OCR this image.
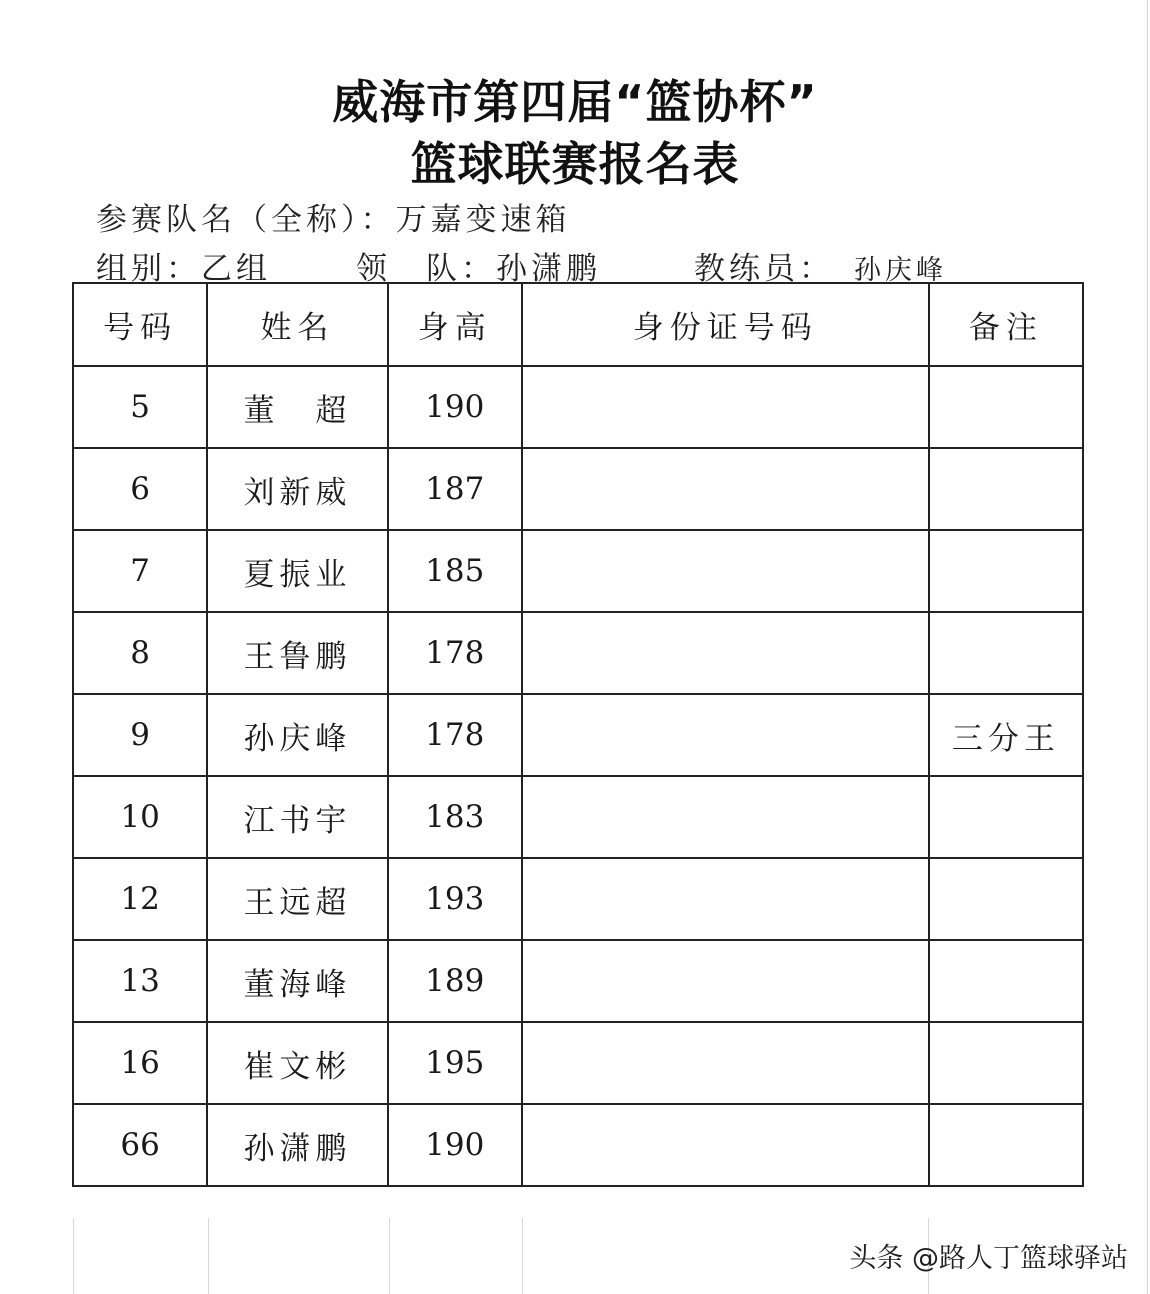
威海市第四届“篮协杯”
篮球联赛报名表
参赛队名（全称）：万嘉变速箱
组别：乙组	领　队：孙潇鹏	教练员： 孙庆峰
号码	姓名	身高	身份证号码	备注
5	董　超	190		
6	刘新威	187		
7	夏振业	185		
8	王鲁鹏	178		
9	孙庆峰	178		三分王
10	江书宇	183		
12	王远超	193		
13	董海峰	189		
16	崔文彬	195		
66	孙潇鹏	190		
头条 @路人丁篮球驿站
